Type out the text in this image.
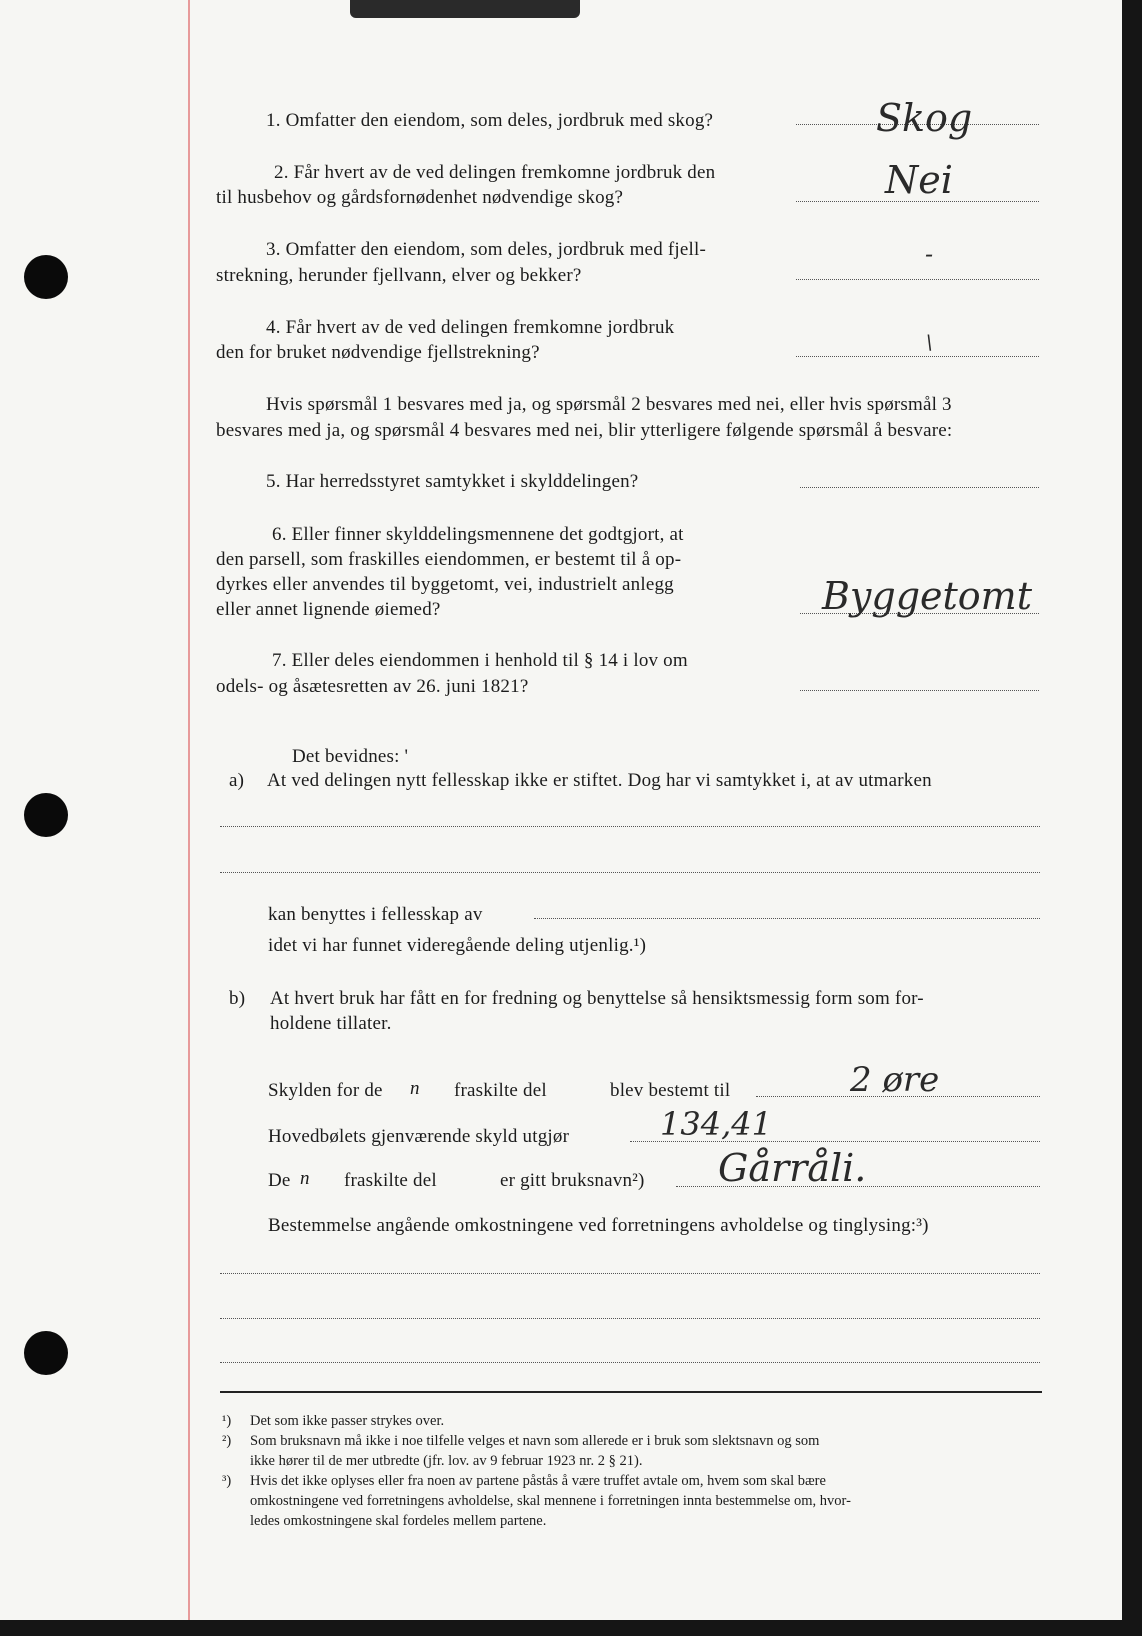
1. Omfatter den eiendom, som deles, jordbruk med skog?	Skog
2. Får hvert av de ved delingen fremkomne jordbruk den
til husbehov og gårdsfornødenhet nødvendige skog?	Nei
3. Omfatter den eiendom, som deles, jordbruk med fjell-
strekning, herunder fjellvann, elver og bekker?
-
4. Får hvert av de ved delingen fremkomne jordbruk
den for bruket nødvendige fjellstrekning?	\
Hvis spørsmål 1 besvares med ja, og spørsmål 2 besvares med nei, eller hvis spørsmål 3
besvares med ja, og spørsmål 4 besvares med nei, blir ytterligere følgende spørsmål å besvare:
5. Har herredsstyret samtykket i skylddelingen?
6. Eller finner skylddelingsmennene det godtgjort, at
den parsell, som fraskilles eiendommen, er bestemt til å op-
dyrkes eller anvendes til byggetomt, vei, industrielt anlegg
eller annet lignende øiemed?	Byggetomt
7. Eller deles eiendommen i henhold til § 14 i lov om
odels- og åsætesretten av 26. juni 1821?
Det bevidnes: '
a) At ved delingen nytt fellesskap ikke er stiftet. Dog har vi samtykket i, at av utmarken
kan benyttes i fellesskap av
idet vi har funnet videregående deling utjenlig.¹)
b) At hvert bruk har fått en for fredning og benyttelse så hensiktsmessig form som for-
holdene tillater.
Skylden for de n fraskilte del	blev bestemt til	2 øre
Hovedbølets gjenværende skyld utgjør	134,41
De n fraskilte del	er gitt bruksnavn²) Gårråli.
Bestemmelse angående omkostningene ved forretningens avholdelse og tinglysing:³)
¹) Det som ikke passer strykes over.
²) Som bruksnavn må ikke i noe tilfelle velges et navn som allerede er i bruk som slektsnavn og som
ikke hører til de mer utbredte (jfr. lov. av 9 februar 1923 nr. 2 § 21).
³) Hvis det ikke oplyses eller fra noen av partene påstås å være truffet avtale om, hvem som skal bære
omkostningene ved forretningens avholdelse, skal mennene i forretningen innta bestemmelse om, hvor-
ledes omkostningene skal fordeles mellem partene.
